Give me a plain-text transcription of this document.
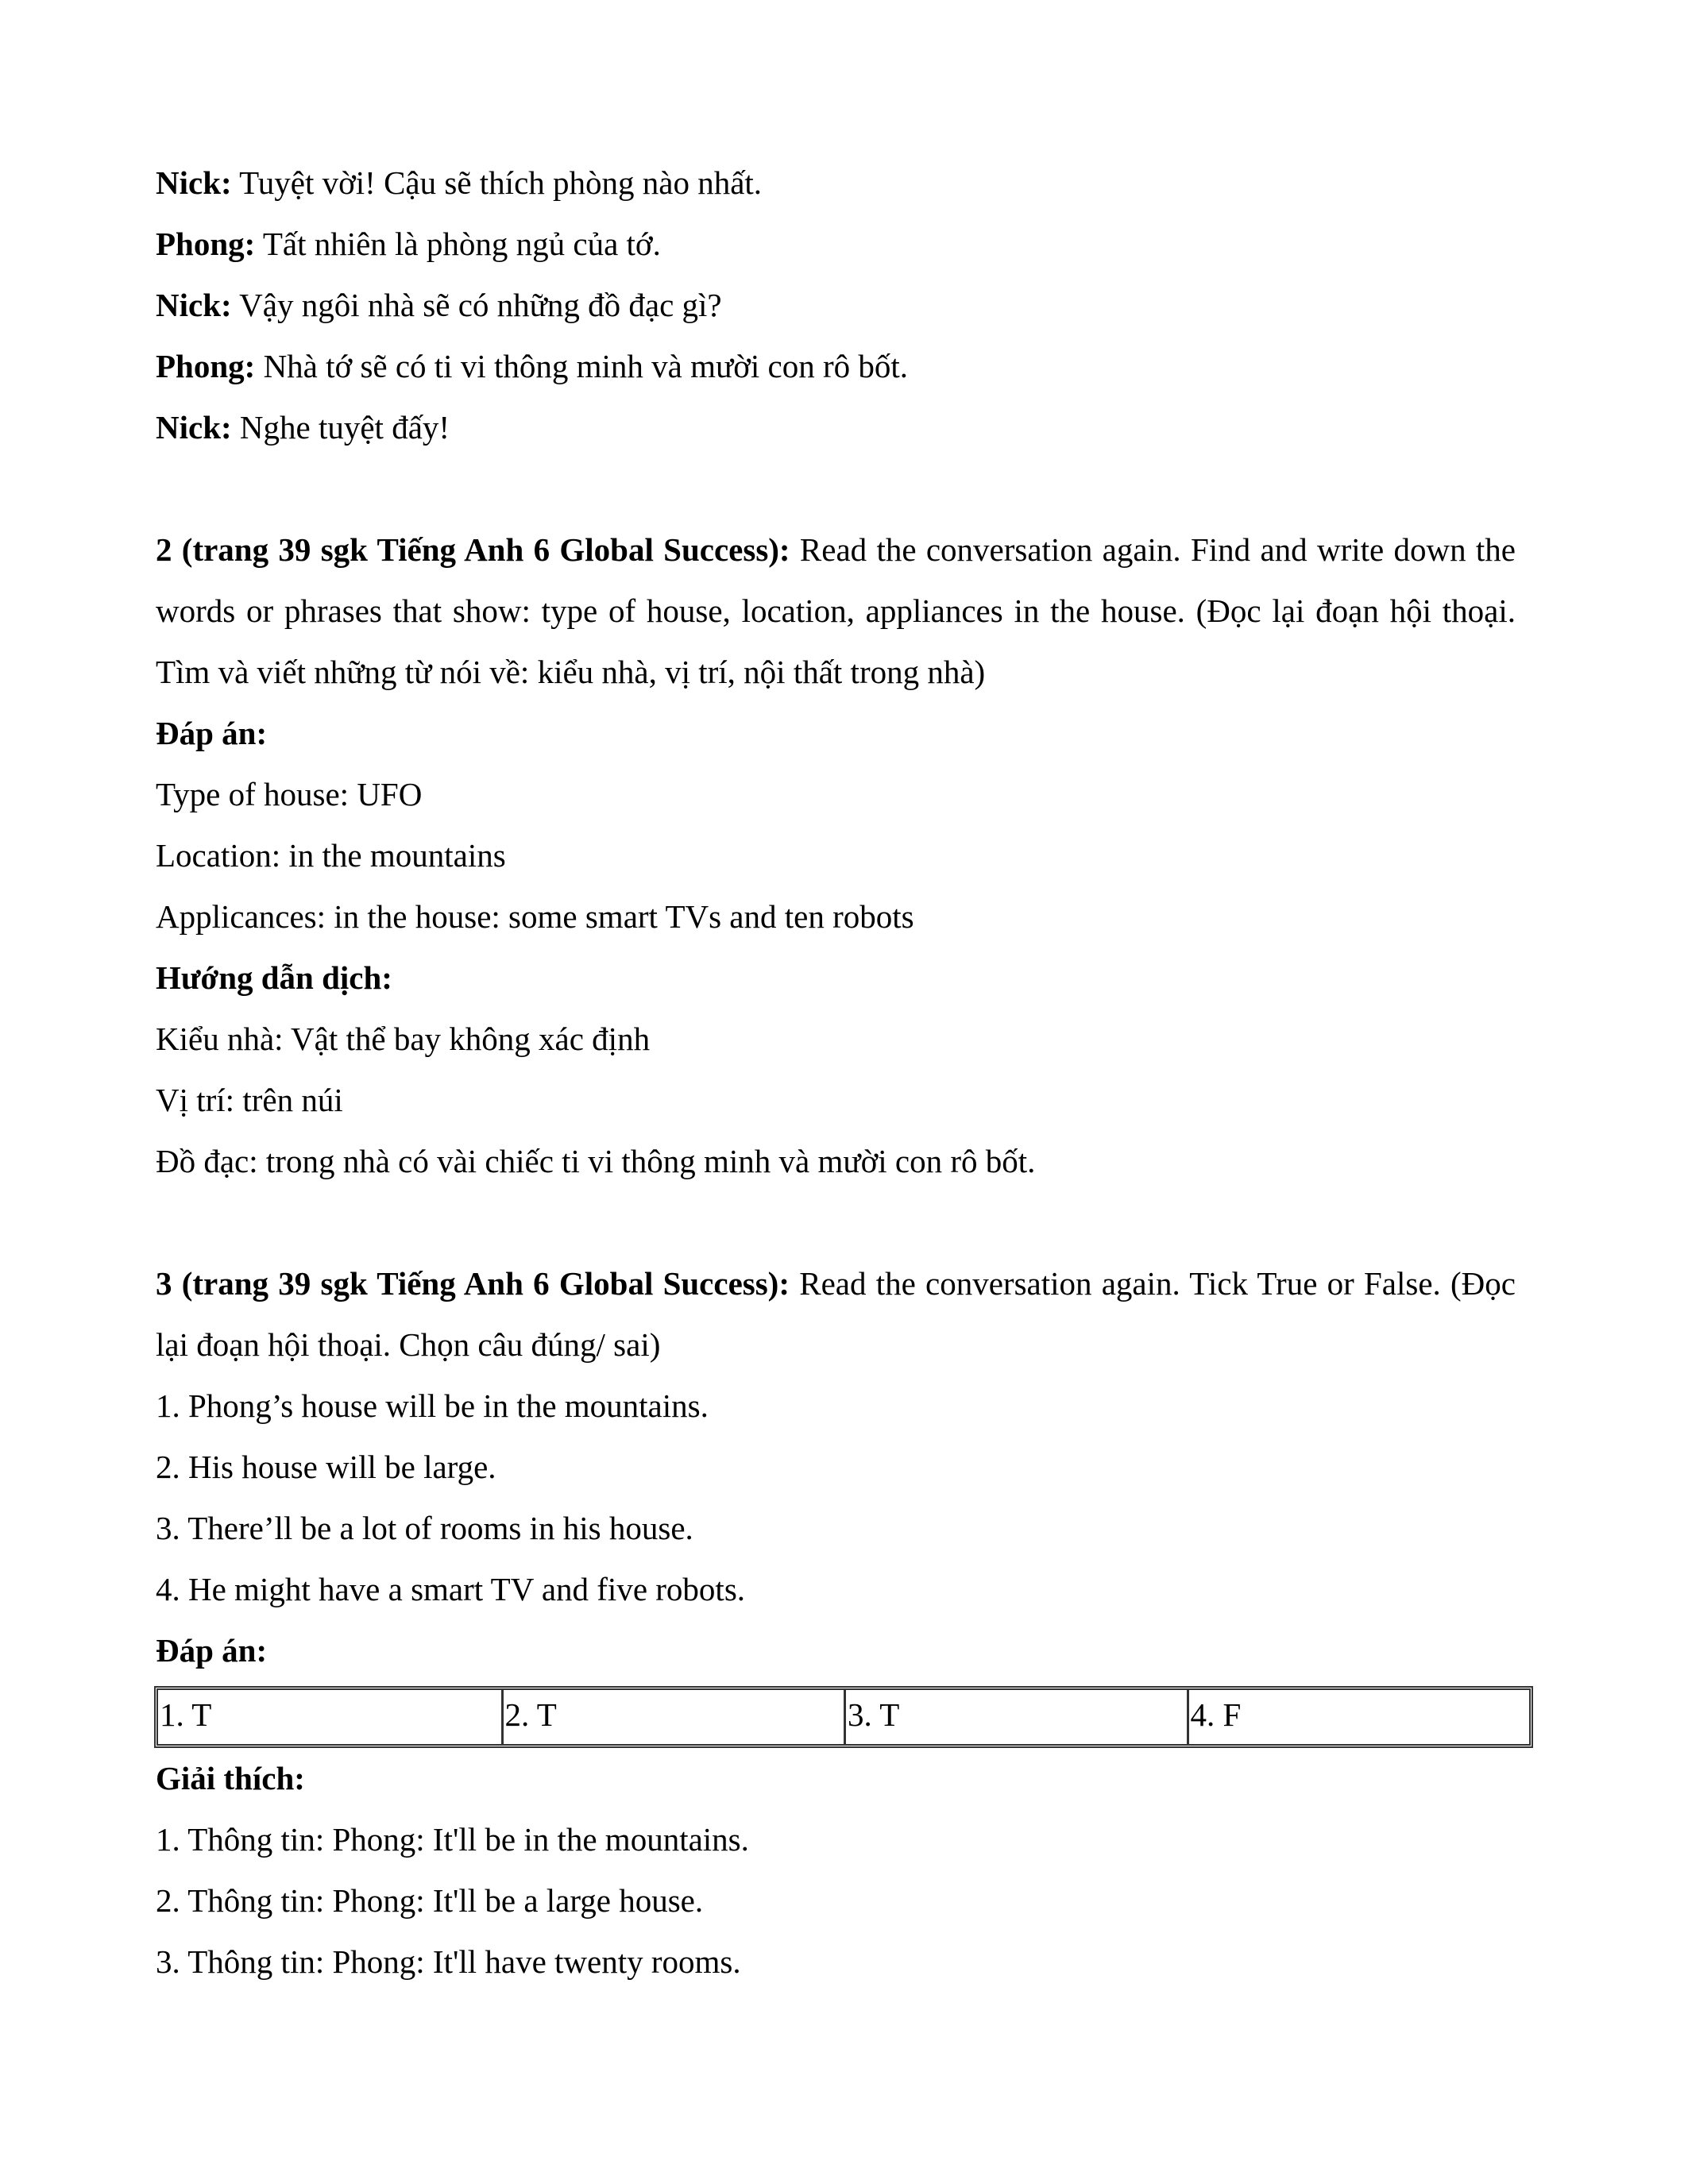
Nick: Tuyệt vời! Cậu sẽ thích phòng nào nhất.
Phong: Tất nhiên là phòng ngủ của tớ.
Nick: Vậy ngôi nhà sẽ có những đồ đạc gì?
Phong: Nhà tớ sẽ có ti vi thông minh và mười con rô bốt.
Nick: Nghe tuyệt đấy!
2 (trang 39 sgk Tiếng Anh 6 Global Success): Read the conversation again. Find and write down the words or phrases that show: type of house, location, appliances in the house. (Đọc lại đoạn hội thoại. Tìm và viết những từ nói về: kiểu nhà, vị trí, nội thất trong nhà)
Đáp án:
Type of house: UFO
Location: in the mountains
Applicances: in the house: some smart TVs and ten robots
Hướng dẫn dịch:
Kiểu nhà: Vật thể bay không xác định
Vị trí: trên núi
Đồ đạc: trong nhà có vài chiếc ti vi thông minh và mười con rô bốt.
3 (trang 39 sgk Tiếng Anh 6 Global Success): Read the conversation again. Tick True or False. (Đọc lại đoạn hội thoại. Chọn câu đúng/ sai)
1. Phong’s house will be in the mountains.
2. His house will be large.
3. There’ll be a lot of rooms in his house.
4. He might have a smart TV and five robots.
Đáp án:
1. T	2. T	3. T	4. F
Giải thích:
1. Thông tin: Phong: It'll be in the mountains.
2. Thông tin: Phong: It'll be a large house.
3. Thông tin: Phong: It'll have twenty rooms.
